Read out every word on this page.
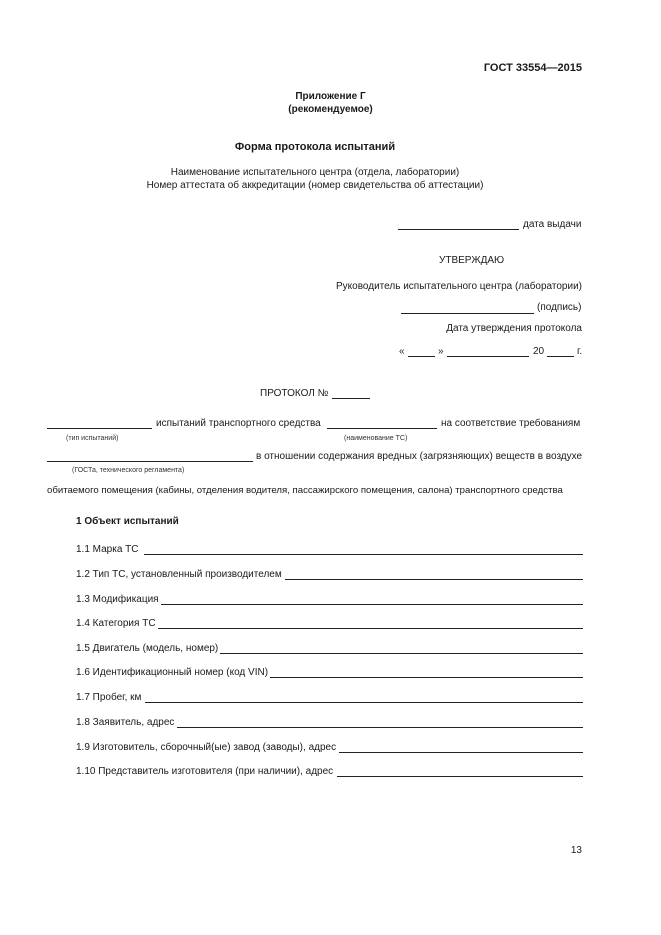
ГОСТ 33554—2015
Приложение Г
(рекомендуемое)
Форма протокола испытаний
Наименование испытательного центра (отдела, лаборатории)
Номер аттестата об аккредитации (номер свидетельства об аттестации)
дата выдачи
УТВЕРЖДАЮ
Руководитель испытательного центра (лаборатории)
(подпись)
Дата утверждения протокола
«	»	20	г.
ПРОТОКОЛ №
испытаний транспортного средства	на соответствие требованиям
(тип испытаний)	(наименование ТС)
в отношении содержания вредных (загрязняющих) веществ в воздухе
(ГОСТа, технического регламента)
обитаемого помещения (кабины, отделения водителя, пассажирского помещения, салона) транспортного средства
1 Объект испытаний
1.1 Марка ТС
1.2 Тип ТС, установленный производителем
1.3 Модификация
1.4 Категория ТС
1.5 Двигатель (модель, номер)
1.6 Идентификационный номер (код VIN)
1.7 Пробег, км
1.8 Заявитель, адрес
1.9 Изготовитель, сборочный(ые) завод (заводы), адрес
1.10 Представитель изготовителя (при наличии), адрес
13
